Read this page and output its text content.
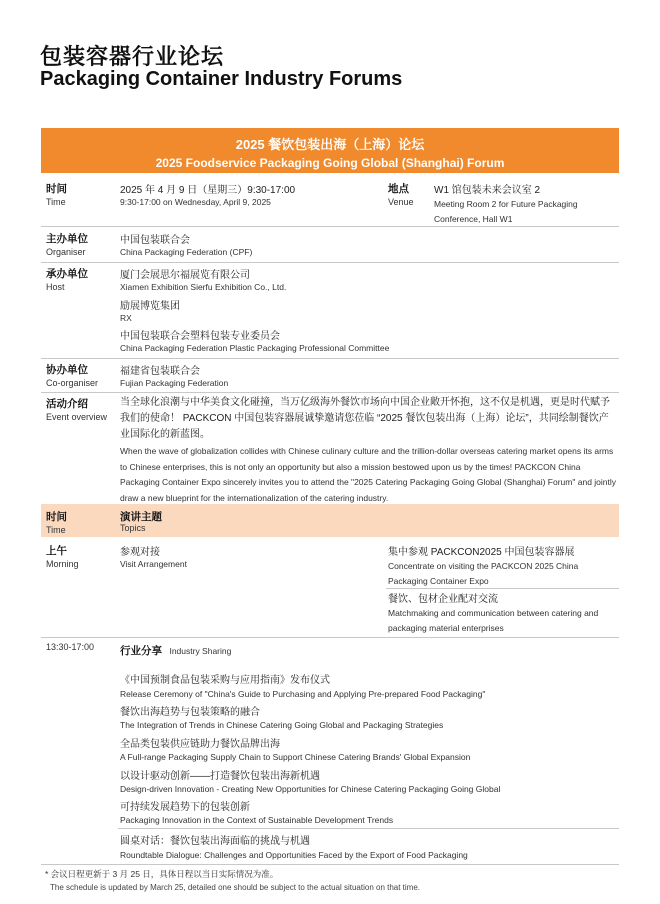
包装容器行业论坛
Packaging Container Industry Forums
2025 餐饮包装出海（上海）论坛
2025 Foodservice Packaging Going Global (Shanghai) Forum
时间
Time
2025 年 4 月 9 日（星期三）9:30-17:00
9:30-17:00 on Wednesday, April 9, 2025
地点
Venue
W1 馆包装未来会议室 2
Meeting Room 2 for Future Packaging Conference, Hall W1
主办单位
Organiser
中国包装联合会
China Packaging Federation (CPF)
承办单位
Host
厦门会展思尔福展览有限公司
Xiamen Exhibition Sierfu Exhibition Co., Ltd.
励展博览集团
RX
中国包装联合会塑料包装专业委员会
China Packaging Federation Plastic Packaging Professional Committee
协办单位
Co-organiser
福建省包装联合会
Fujian Packaging Federation
活动介绍
Event overview
当全球化浪潮与中华美食文化碰撞，当万亿级海外餐饮市场向中国企业敞开怀抱，这不仅是机遇，更是时代赋予我们的使命！ PACKCON 中国包装容器展诚挚邀请您莅临 “2025 餐饮包装出海（上海）论坛”，共同绘制餐饮产业国际化的新蓝图。
When the wave of globalization collides with Chinese culinary culture and the trillion-dollar overseas catering market opens its arms to Chinese enterprises, this is not only an opportunity but also a mission bestowed upon us by the times! PACKCON China Packaging Container Expo sincerely invites you to attend the "2025 Catering Packaging Going Global (Shanghai) Forum" and jointly draw a new blueprint for the internationalization of the catering industry.
时间
Time
演讲主题
Topics
上午
Morning
参观对接
Visit Arrangement
集中参观 PACKCON2025 中国包装容器展
Concentrate on visiting the PACKCON 2025 China Packaging Container Expo
餐饮、包材企业配对交流
Matchmaking and communication between catering and packaging material enterprises
13:30-17:00 行业分享 Industry Sharing
《中国预制食品包装采购与应用指南》发布仪式
Release Ceremony of "China's Guide to Purchasing and Applying Pre-prepared Food Packaging"
餐饮出海趋势与包装策略的融合
The Integration of Trends in Chinese Catering Going Global and Packaging Strategies
全品类包装供应链助力餐饮品牌出海
A Full-range Packaging Supply Chain to Support Chinese Catering Brands' Global Expansion
以设计驱动创新——打造餐饮包装出海新机遇
Design-driven Innovation - Creating New Opportunities for Chinese Catering Packaging Going Global
可持续发展趋势下的包装创新
Packaging Innovation in the Context of Sustainable Development Trends
圆桌对话：餐饮包装出海面临的挑战与机遇
Roundtable Dialogue: Challenges and Opportunities Faced by the Export of Food Packaging
* 会议日程更新于 3 月 25 日，具体日程以当日实际情况为准。
The schedule is updated by March 25, detailed one should be subject to the actual situation on that time.
